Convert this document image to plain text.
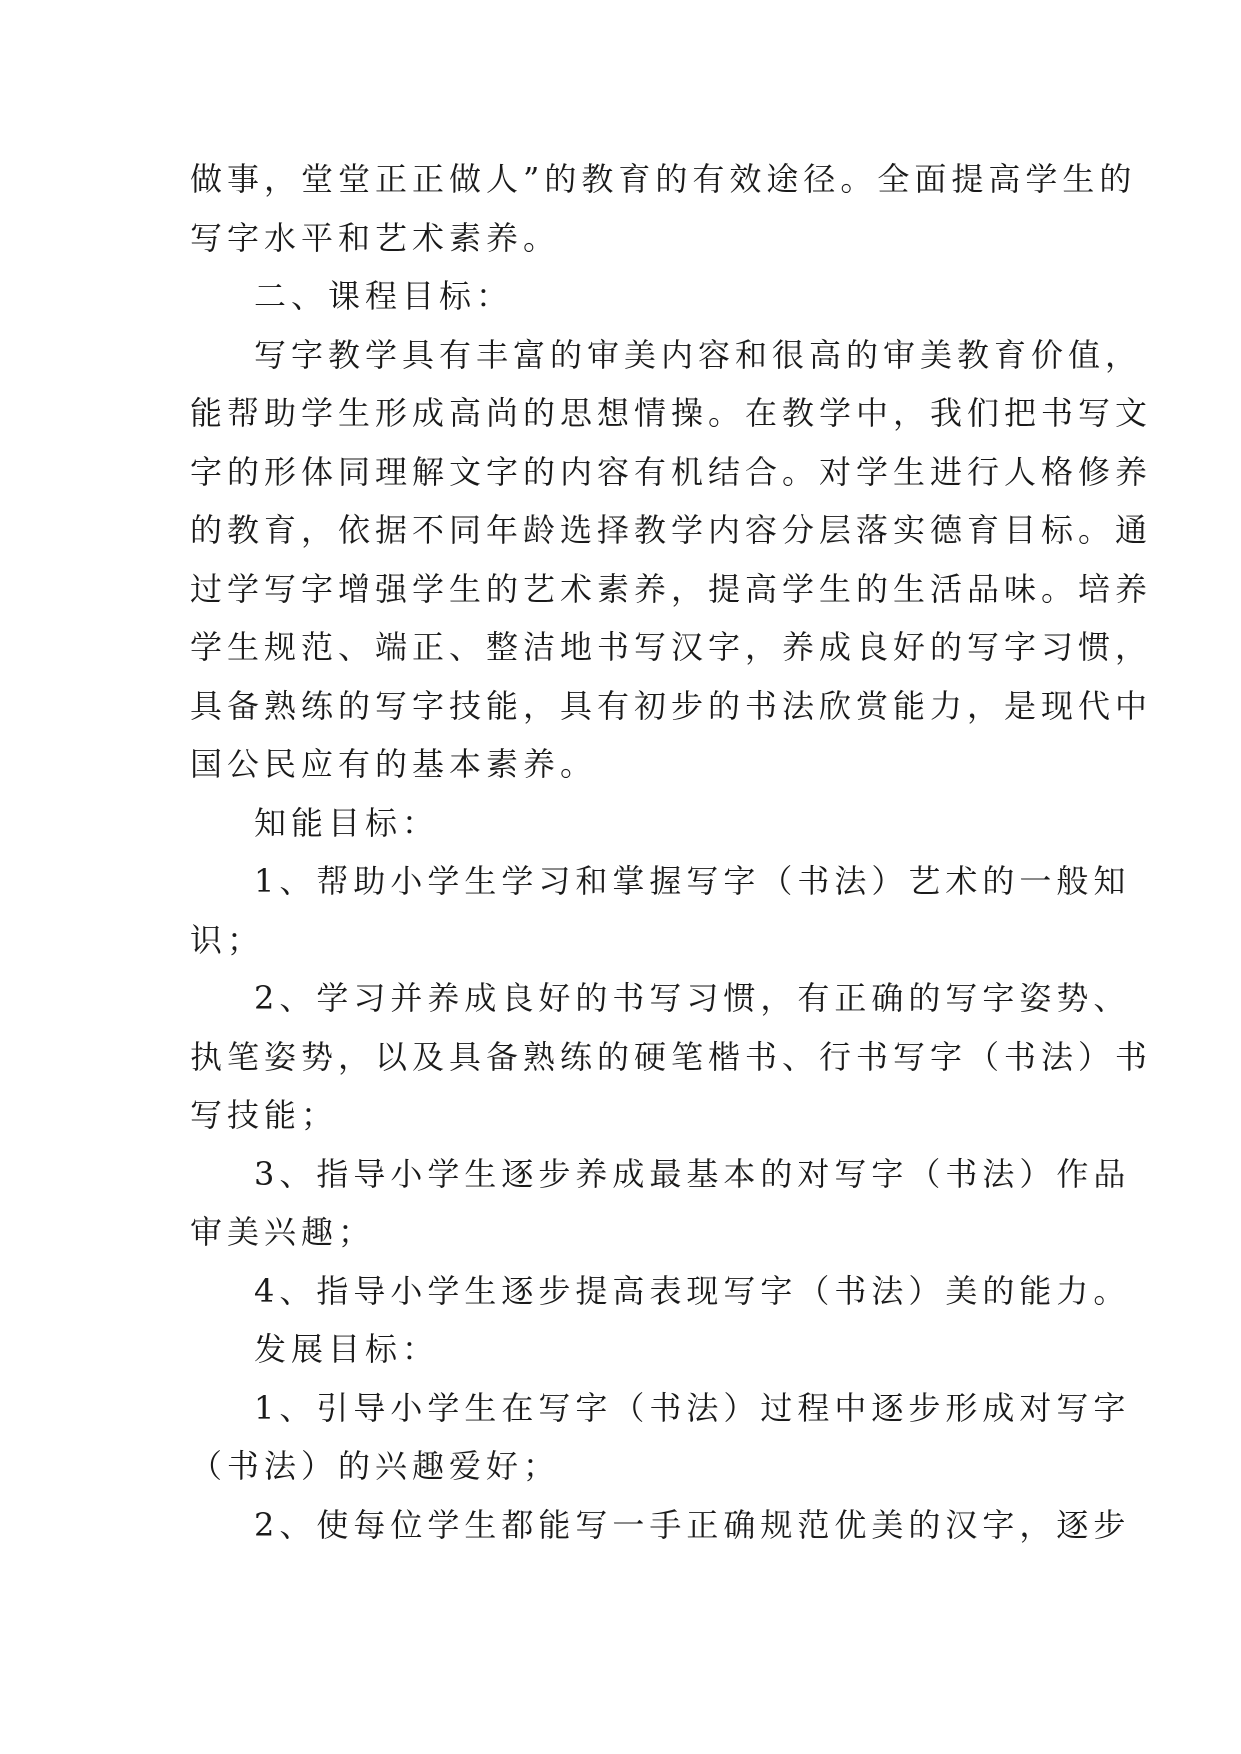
做事，堂堂正正做人”的教育的有效途径。全面提高学生的
写字水平和艺术素养。
二、课程目标：
写字教学具有丰富的审美内容和很高的审美教育价值，
能帮助学生形成高尚的思想情操。在教学中，我们把书写文
字的形体同理解文字的内容有机结合。对学生进行人格修养
的教育，依据不同年龄选择教学内容分层落实德育目标。通
过学写字增强学生的艺术素养，提高学生的生活品味。培养
学生规范、端正、整洁地书写汉字，养成良好的写字习惯，
具备熟练的写字技能，具有初步的书法欣赏能力，是现代中
国公民应有的基本素养。
知能目标：
1、帮助小学生学习和掌握写字（书法）艺术的一般知
识；
2、学习并养成良好的书写习惯，有正确的写字姿势、
执笔姿势，以及具备熟练的硬笔楷书、行书写字（书法）书
写技能；
3、指导小学生逐步养成最基本的对写字（书法）作品
审美兴趣；
4、指导小学生逐步提高表现写字（书法）美的能力。
发展目标：
1、引导小学生在写字（书法）过程中逐步形成对写字
（书法）的兴趣爱好；
2、使每位学生都能写一手正确规范优美的汉字，逐步
